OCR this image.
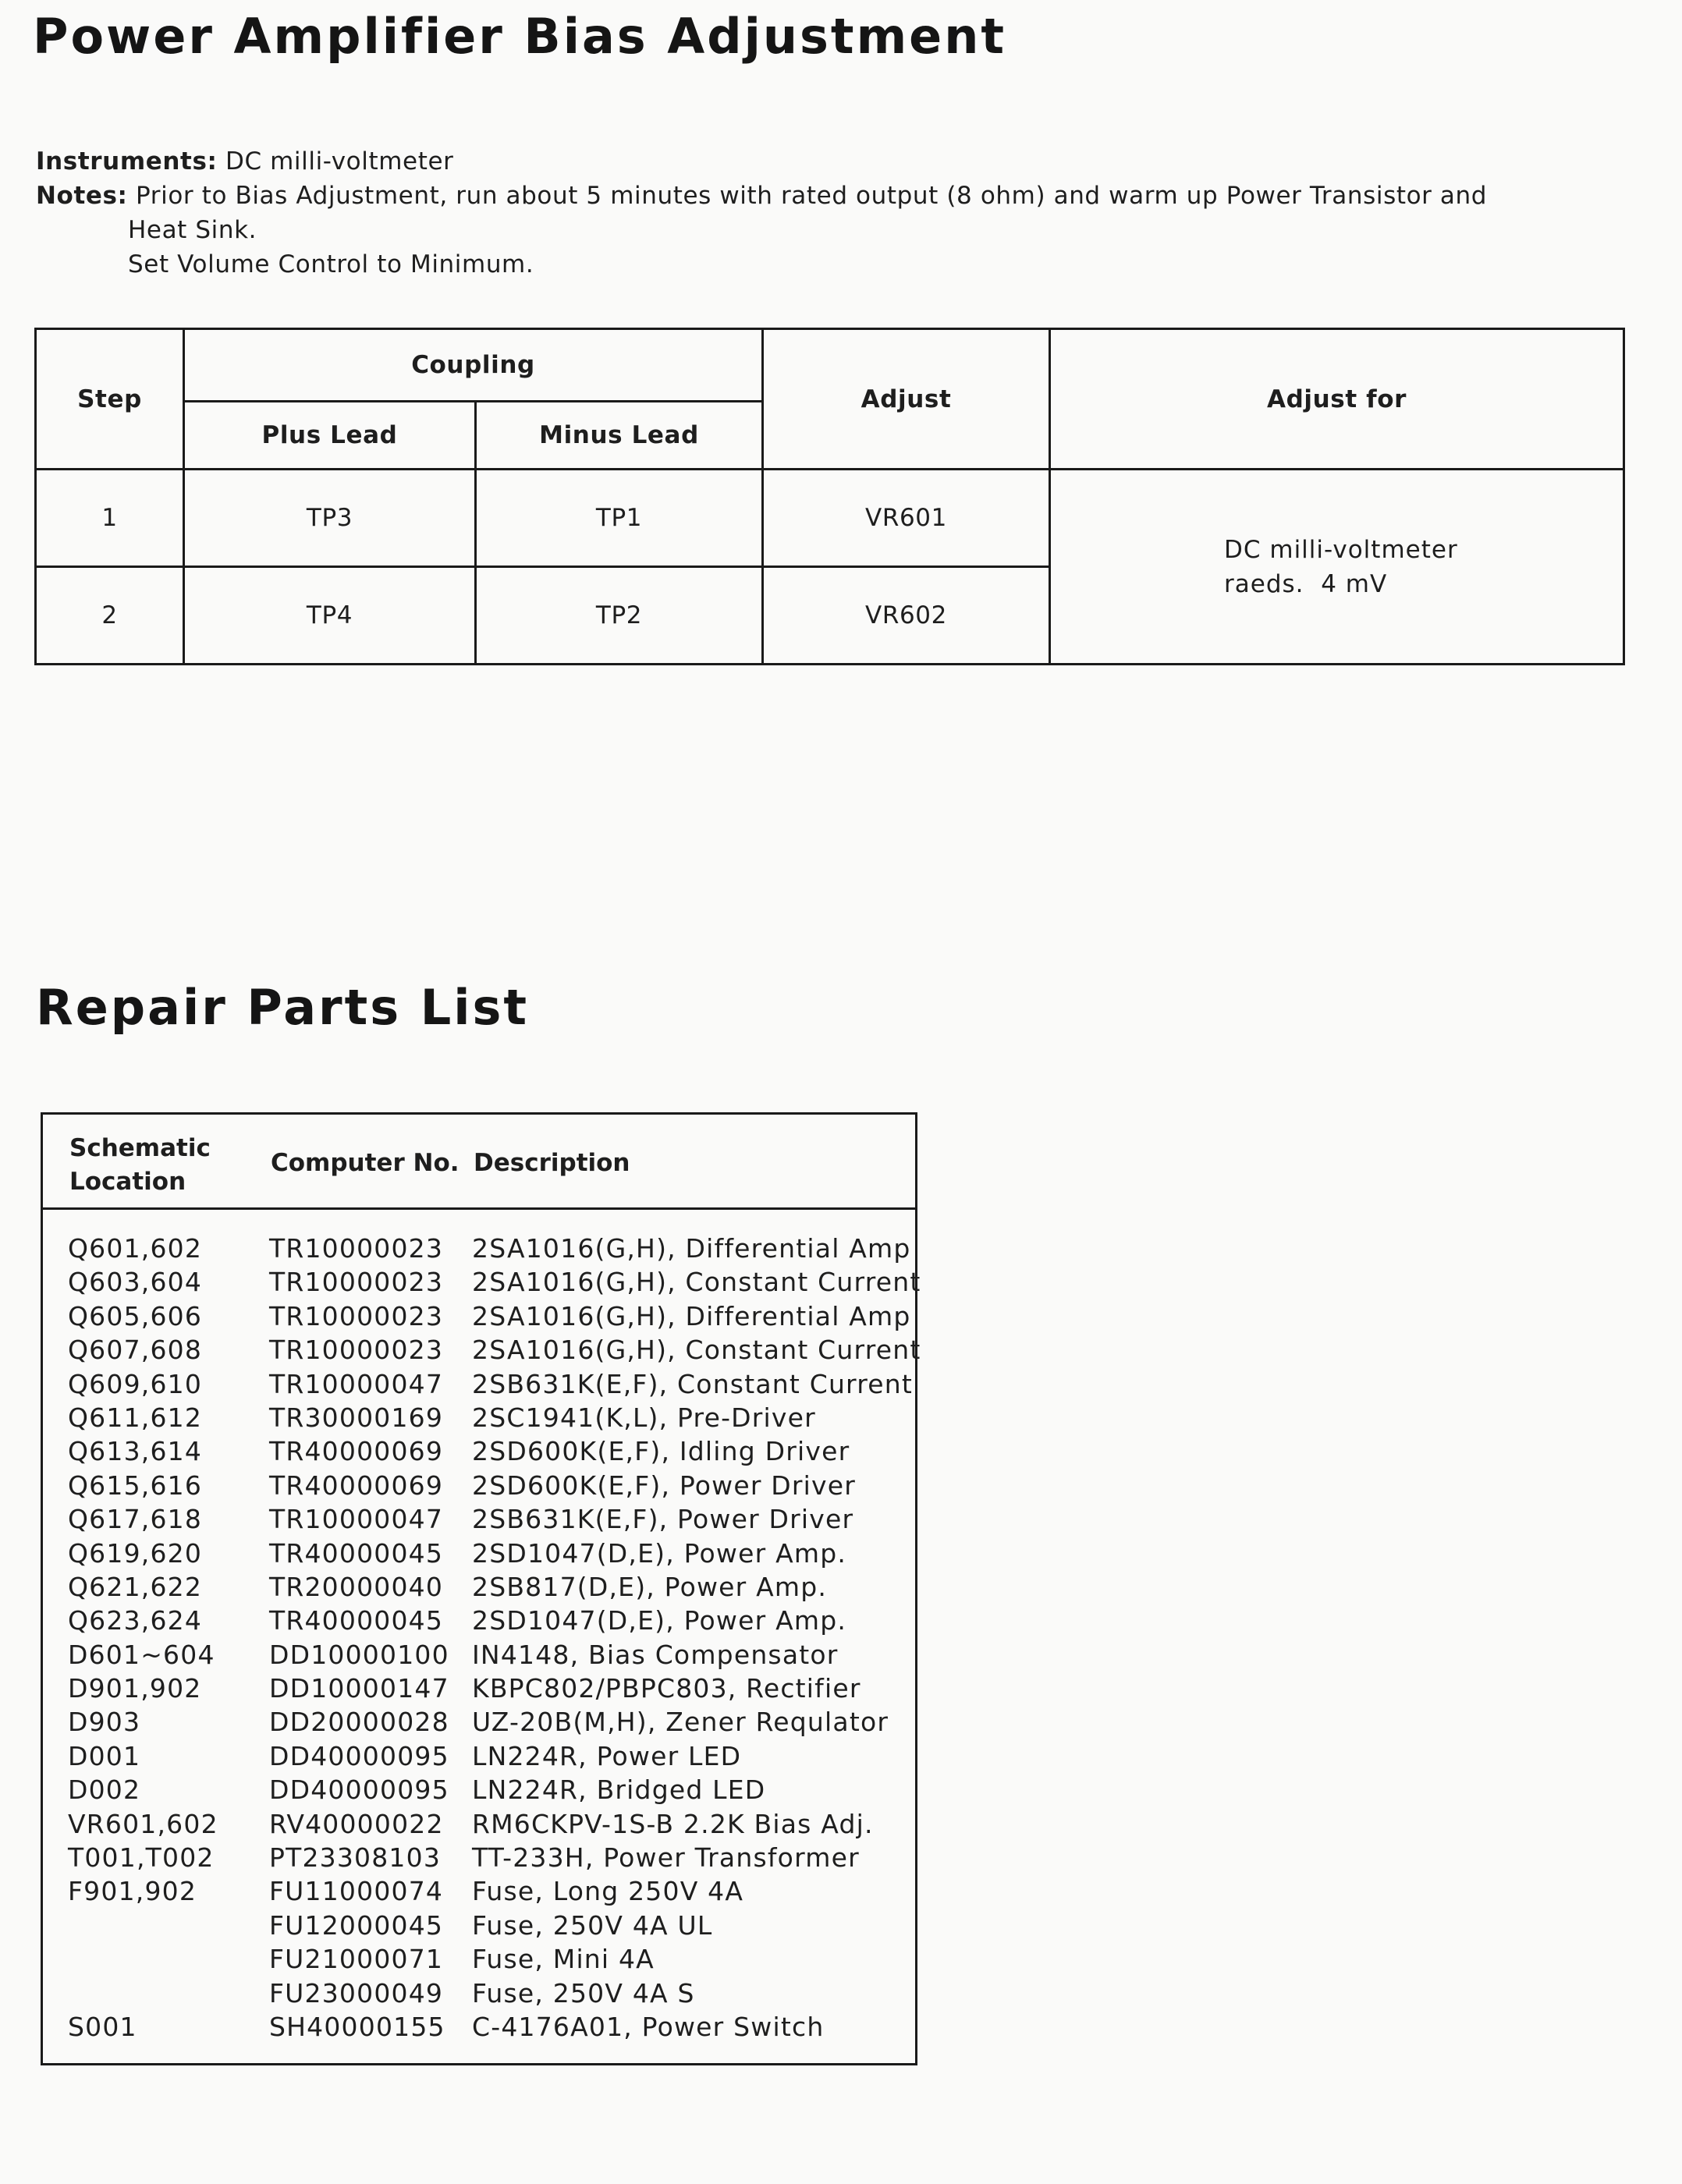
Power Amplifier Bias Adjustment
Instruments:
DC milli-voltmeter
Notes:
Prior to Bias Adjustment, run about 5 minutes with rated output (8 ohm) and warm up Power Transistor and
Heat Sink.
Set Volume Control to Minimum.
Step	Coupling		Adjust	Adjust for
	Plus Lead	Minus Lead		
1	TP3	TP1	VR601	DC milli-voltmeter
raeds.  4 mV

2	TP4	TP2	VR602	
Repair Parts List
Schematic
Location
Computer No. Description
Q601,602	TR10000023 2SA1016(G,H), Differential Amp
Q603,604	TR10000023 2SA1016(G,H), Constant Current
Q605,606	TR10000023 2SA1016(G,H), Differential Amp
Q607,608	TR10000023 2SA1016(G,H), Constant Current
Q609,610	TR10000047 2SB631K(E,F), Constant Current
Q611,612	TR30000169 2SC1941(K,L), Pre-Driver
Q613,614	TR40000069 2SD600K(E,F), Idling Driver
Q615,616	TR40000069 2SD600K(E,F), Power Driver
Q617,618	TR10000047 2SB631K(E,F), Power Driver
Q619,620	TR40000045 2SD1047(D,E), Power Amp.
Q621,622	TR20000040 2SB817(D,E), Power Amp.
Q623,624	TR40000045 2SD1047(D,E), Power Amp.
D601~604 DD10000100 IN4148, Bias Compensator
D901,902	DD10000147 KBPC802/PBPC803, Rectifier
D903	DD20000028 UZ-20B(M,H), Zener Requlator
D001	DD40000095 LN224R, Power LED
D002	DD40000095 LN224R, Bridged LED
VR601,602 RV40000022 RM6CKPV-1S-B 2.2K Bias Adj.
T001,T002 PT23308103 TT-233H, Power Transformer
F901,902	FU11000074 Fuse, Long 250V 4A
FU12000045 Fuse, 250V 4A UL
FU21000071 Fuse, Mini 4A
FU23000049 Fuse, 250V 4A S
S001	SH40000155 C-4176A01, Power Switch
